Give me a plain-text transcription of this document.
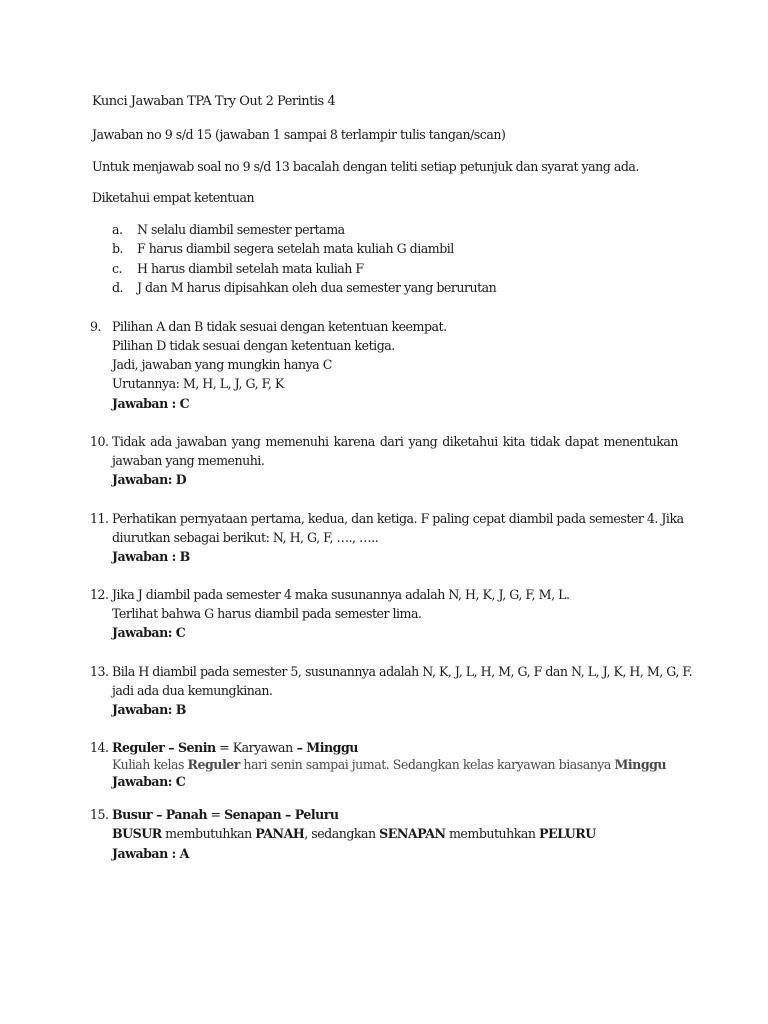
Kunci Jawaban TPA Try Out 2 Perintis 4
Jawaban no 9 s/d 15 (jawaban 1 sampai 8 terlampir tulis tangan/scan)
Untuk menjawab soal no 9 s/d 13 bacalah dengan teliti setiap petunjuk dan syarat yang ada.
Diketahui empat ketentuan
a. N selalu diambil semester pertama
b. F harus diambil segera setelah mata kuliah G diambil
c. H harus diambil setelah mata kuliah F
d. J dan M harus dipisahkan oleh dua semester yang berurutan
9. Pilihan A dan B tidak sesuai dengan ketentuan keempat.
Pilihan D tidak sesuai dengan ketentuan ketiga.
Jadi, jawaban yang mungkin hanya C
Urutannya: M, H, L, J, G, F, K
Jawaban : C
10. Tidak ada jawaban yang memenuhi karena dari yang diketahui kita tidak dapat menentukan
jawaban yang memenuhi.
Jawaban: D
11. Perhatikan pernyataan pertama, kedua, dan ketiga. F paling cepat diambil pada semester 4. Jika
diurutkan sebagai berikut: N, H, G, F, …., …..
Jawaban : B
12. Jika J diambil pada semester 4 maka susunannya adalah N, H, K, J, G, F, M, L.
Terlihat bahwa G harus diambil pada semester lima.
Jawaban: C
13. Bila H diambil pada semester 5, susunannya adalah N, K, J, L, H, M, G, F dan N, L, J, K, H, M, G, F.
jadi ada dua kemungkinan.
Jawaban: B
14. Reguler – Senin = Karyawan – Minggu
Kuliah kelas Reguler hari senin sampai jumat. Sedangkan kelas karyawan biasanya Minggu
Jawaban: C
15. Busur – Panah = Senapan – Peluru
BUSUR membutuhkan PANAH, sedangkan SENAPAN membutuhkan PELURU
Jawaban : A
